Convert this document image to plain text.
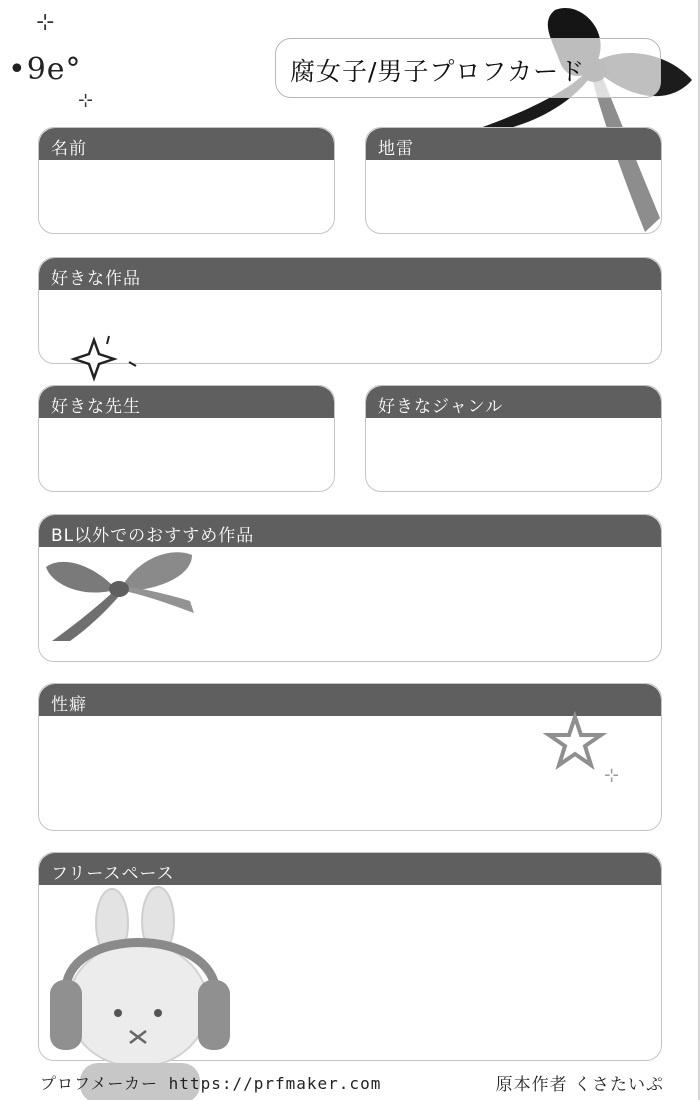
⊹
•9e°
⊹
腐女子/男子プロフカード
名前	地雷
好きな作品
好きな先生	好きなジャンル
BL以外でのおすすめ作品
性癖
⊹
フリースペース
プロフメーカー https://prfmaker.com	原本作者 くさたいぷ
